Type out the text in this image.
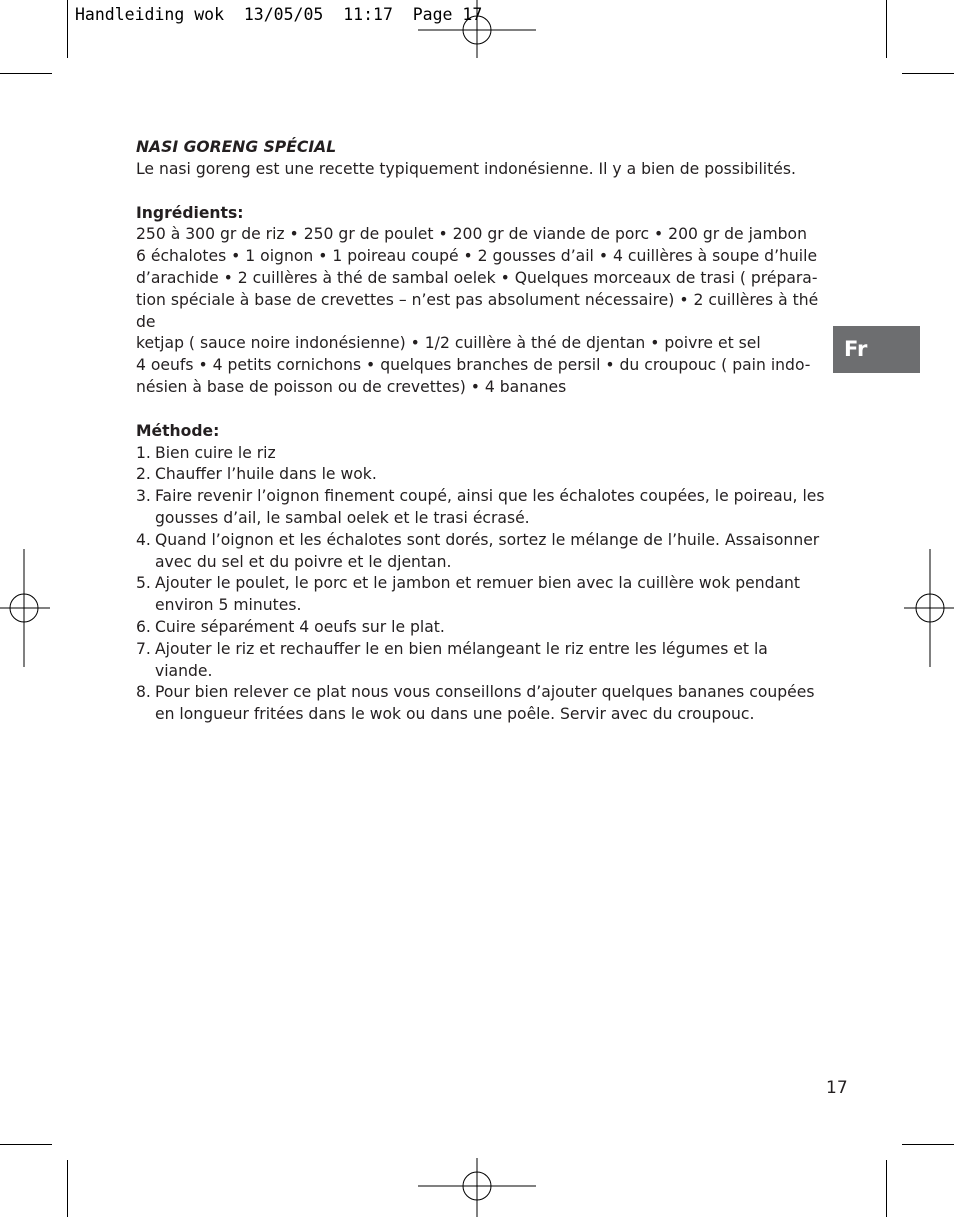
Handleiding wok  13/05/05  11:17  Page 17

NASI GORENG SPÉCIAL

Le nasi goreng est une recette typiquement indonésienne. Il y a bien de possibilités.

Ingrédients:

250 à 300 gr de riz • 250 gr de poulet • 200 gr de viande de porc • 200 gr de jambon

6 échalotes • 1 oignon • 1 poireau coupé • 2 gousses d’ail • 4 cuillères à soupe d’huile

d’arachide • 2 cuillères à thé de sambal oelek • Quelques morceaux de trasi ( prépara-

tion spéciale à base de crevettes – n’est pas absolument nécessaire) • 2 cuillères à thé de

ketjap ( sauce noire indonésienne) • 1/2 cuillère à thé de djentan • poivre et sel

4 oeufs • 4 petits cornichons • quelques branches de persil • du croupouc ( pain indo-

nésien à base de poisson ou de crevettes) • 4 bananes

Méthode:

1. Bien cuire le riz
2. Chauffer l’huile dans le wok.
3. Faire revenir l’oignon finement coupé, ainsi que les échalotes coupées, le poireau, les gousses d’ail, le sambal oelek et le trasi écrasé.
4. Quand l’oignon et les échalotes sont dorés, sortez le mélange de l’huile. Assaisonner avec du sel et du poivre et le djentan.
5. Ajouter le poulet, le porc et le jambon et remuer bien avec la cuillère wok pendant environ 5 minutes.
6. Cuire séparément 4 oeufs sur le plat.
7. Ajouter le riz et rechauffer le en bien mélangeant le riz entre les légumes et la viande.
8. Pour bien relever ce plat nous vous conseillons d’ajouter quelques bananes coupées en longueur fritées dans le wok ou dans une poêle. Servir avec du croupouc.
Fr
17
